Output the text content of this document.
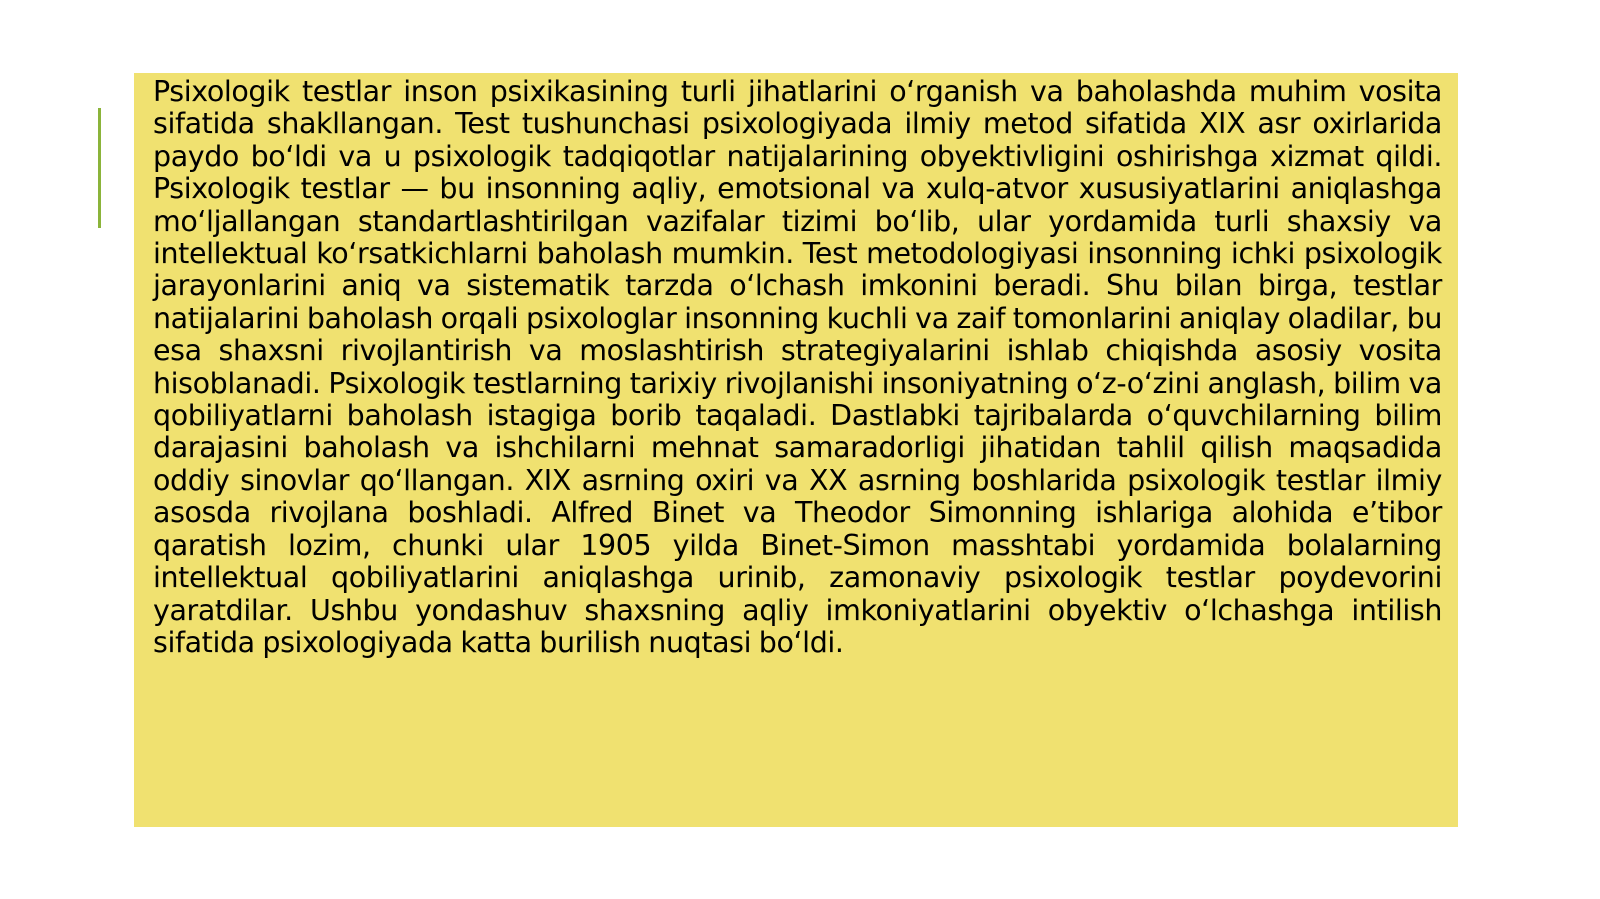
Psixologik testlar inson psixikasining turli jihatlarini o‘rganish va baholashda muhim vosita sifatida shakllangan. Test tushunchasi psixologiyada ilmiy metod sifatida XIX asr oxirlarida paydo bo‘ldi va u psixologik tadqiqotlar natijalarining obyektivligini oshirishga xizmat qildi. Psixologik testlar — bu insonning aqliy, emotsional va xulq-atvor xususiyatlarini aniqlashga mo‘ljallangan standartlashtirilgan vazifalar tizimi bo‘lib, ular yordamida turli shaxsiy va intellektual ko‘rsatkichlarni baholash mumkin. Test metodologiyasi insonning ichki psixologik jarayonlarini aniq va sistematik tarzda o‘lchash imkonini beradi. Shu bilan birga, testlar natijalarini baholash orqali psixologlar insonning kuchli va zaif tomonlarini aniqlay oladilar, bu esa shaxsni rivojlantirish va moslashtirish strategiyalarini ishlab chiqishda asosiy vosita hisoblanadi. Psixologik testlarning tarixiy rivojlanishi insoniyatning o‘z-o‘zini anglash, bilim va qobiliyatlarni baholash istagiga borib taqaladi. Dastlabki tajribalarda o‘quvchilarning bilim darajasini baholash va ishchilarni mehnat samaradorligi jihatidan tahlil qilish maqsadida oddiy sinovlar qo‘llangan. XIX asrning oxiri va XX asrning boshlarida psixologik testlar ilmiy asosda rivojlana boshladi. Alfred Binet va Theodor Simonning ishlariga alohida e’tibor qaratish lozim, chunki ular 1905 yilda Binet-Simon masshtabi yordamida bolalarning intellektual qobiliyatlarini aniqlashga urinib, zamonaviy psixologik testlar poydevorini yaratdilar. Ushbu yondashuv shaxsning aqliy imkoniyatlarini obyektiv o‘lchashga intilish sifatida psixologiyada katta burilish nuqtasi bo‘ldi.
